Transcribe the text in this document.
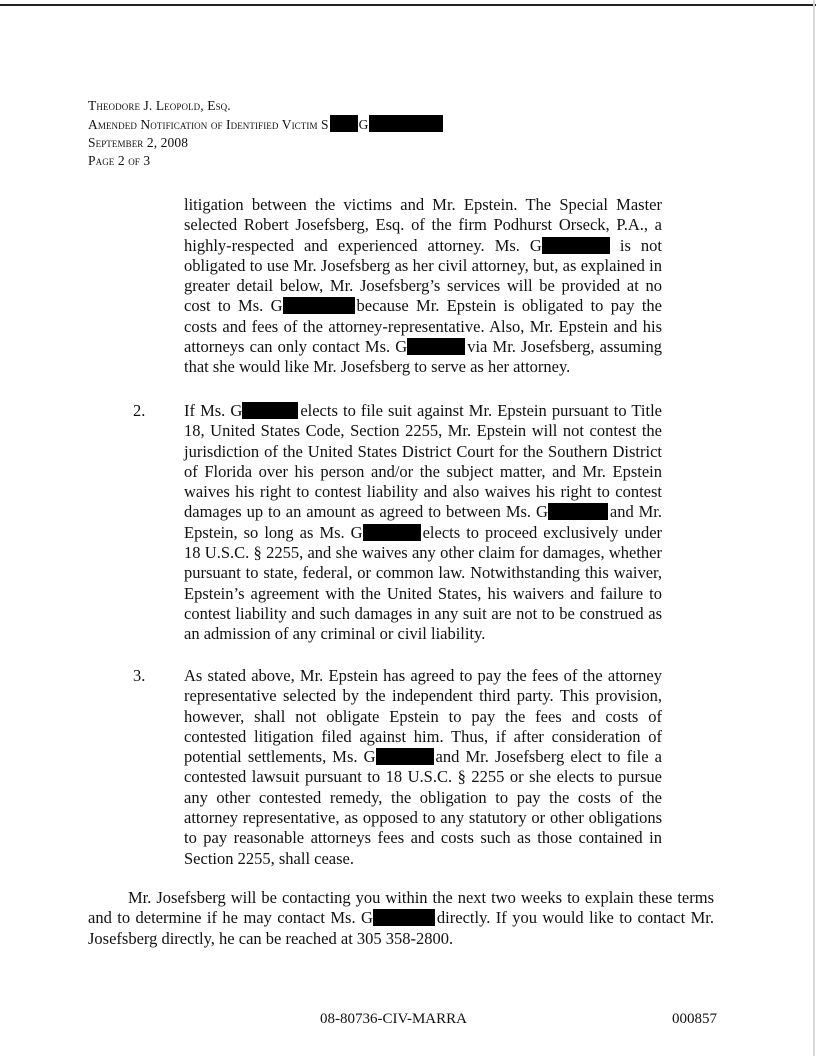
Theodore J. Leopold, Esq.
Amended Notification of Identified Victim S G
September 2, 2008
Page 2 of 3
litigation between the victims and Mr. Epstein. The Special Master selected Robert Josefsberg, Esq. of the firm Podhurst Orseck, P.A., a highly-respected and experienced attorney. Ms. G	is not obligated to use Mr. Josefsberg as her civil attorney, but, as explained in greater detail below, Mr. Josefsberg’s services will be provided at no cost to Ms. G	because Mr. Epstein is obligated to pay the costs and fees of the attorney-representative. Also, Mr. Epstein and his attorneys can only contact Ms. G	via Mr. Josefsberg, assuming that she would like Mr. Josefsberg to serve as her attorney.
2. If Ms. G	elects to file suit against Mr. Epstein pursuant to Title 18, United States Code, Section 2255, Mr. Epstein will not contest the jurisdiction of the United States District Court for the Southern District of Florida over his person and/or the subject matter, and Mr. Epstein waives his right to contest liability and also waives his right to contest damages up to an amount as agreed to between Ms. G	and Mr. Epstein, so long as Ms. G	elects to proceed exclusively under 18 U.S.C. § 2255, and she waives any other claim for damages, whether pursuant to state, federal, or common law. Notwithstanding this waiver, Epstein’s agreement with the United States, his waivers and failure to contest liability and such damages in any suit are not to be construed as an admission of any criminal or civil liability.
3. As stated above, Mr. Epstein has agreed to pay the fees of the attorney representative selected by the independent third party. This provision, however, shall not obligate Epstein to pay the fees and costs of contested litigation filed against him. Thus, if after consideration of potential settlements, Ms. G	and Mr. Josefsberg elect to file a contested lawsuit pursuant to 18 U.S.C. § 2255 or she elects to pursue any other contested remedy, the obligation to pay the costs of the attorney representative, as opposed to any statutory or other obligations to pay reasonable attorneys fees and costs such as those contained in Section 2255, shall cease.
Mr. Josefsberg will be contacting you within the next two weeks to explain these terms and to determine if he may contact Ms. G	directly. If you would like to contact Mr. Josefsberg directly, he can be reached at 305 358-2800.
08-80736-CIV-MARRA	000857
